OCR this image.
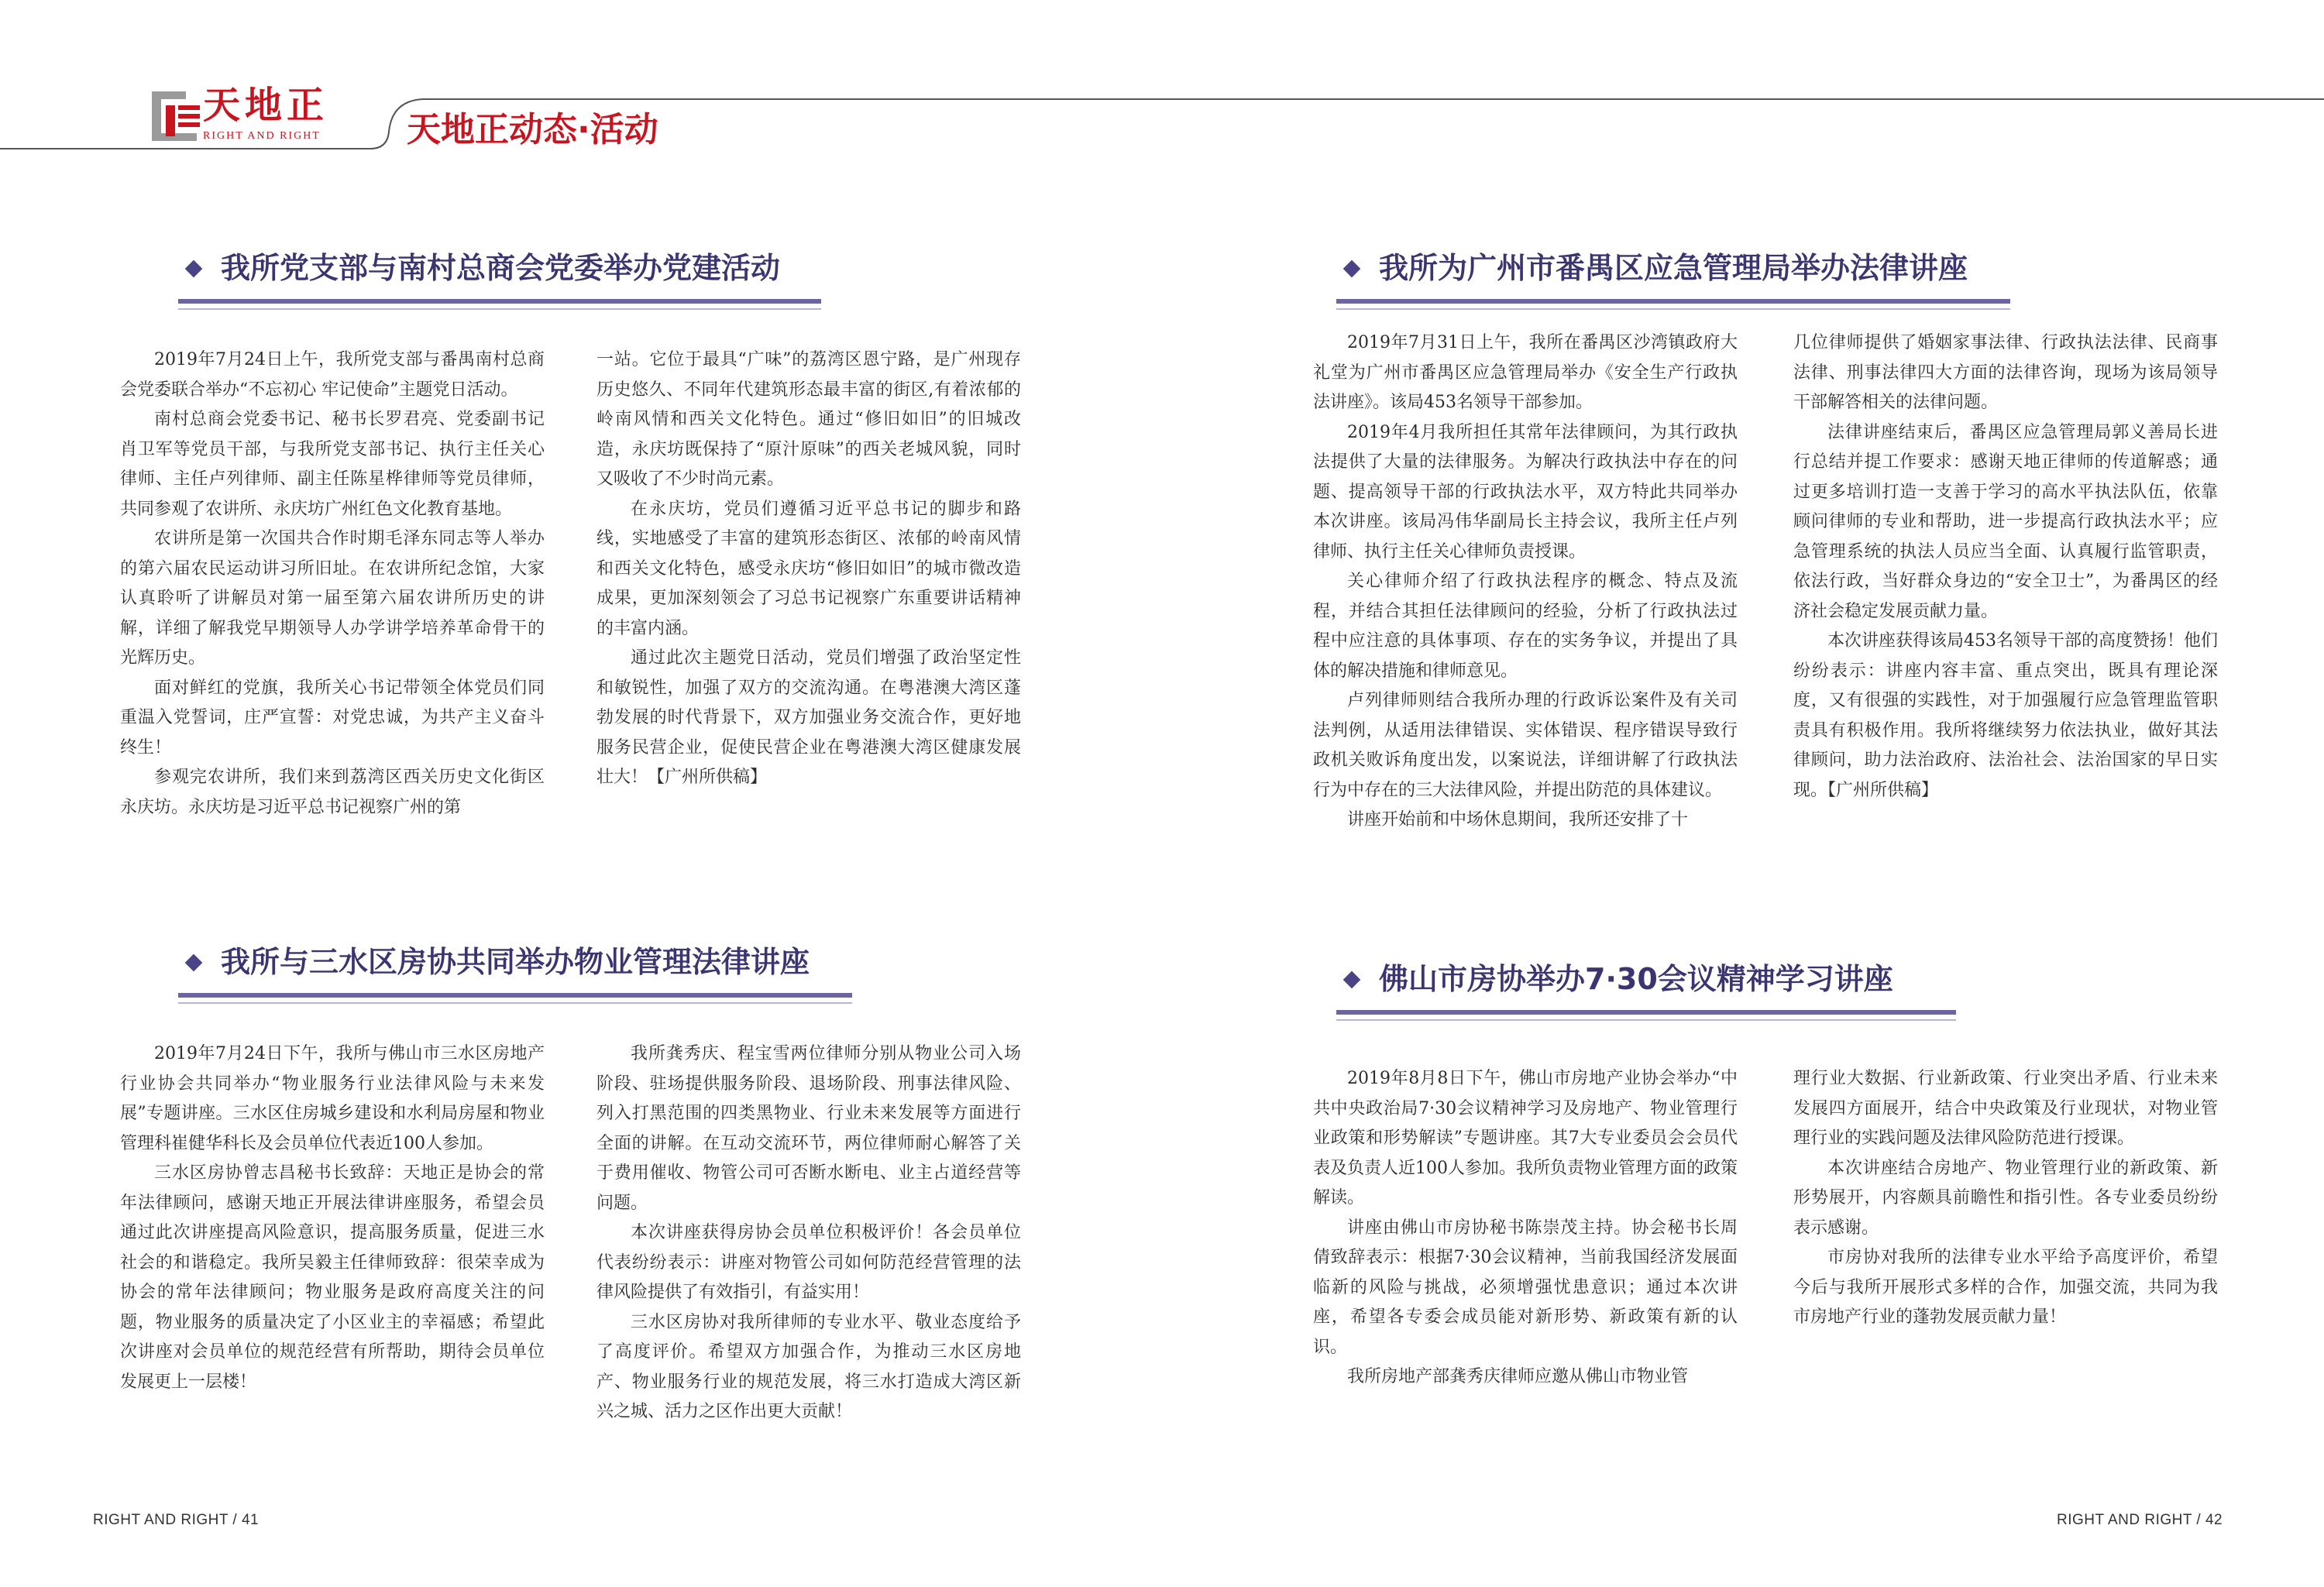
天地正
RIGHT AND RIGHT	天地正动态·活动
我所党支部与南村总商会党委举办党建活动

2019年7月24日上午，我所党支部与番禺南村总商会党委联合举办“不忘初心 牢记使命”主题党日活动。

南村总商会党委书记、秘书长罗君亮、党委副书记肖卫军等党员干部，与我所党支部书记、执行主任关心律师、主任卢列律师、副主任陈星桦律师等党员律师，共同参观了农讲所、永庆坊广州红色文化教育基地。

农讲所是第一次国共合作时期毛泽东同志等人举办的第六届农民运动讲习所旧址。在农讲所纪念馆，大家认真聆听了讲解员对第一届至第六届农讲所历史的讲解，详细了解我党早期领导人办学讲学培养革命骨干的光辉历史。

面对鲜红的党旗，我所关心书记带领全体党员们同重温入党誓词，庄严宣誓：对党忠诚，为共产主义奋斗终生！

参观完农讲所，我们来到荔湾区西关历史文化街区永庆坊。永庆坊是习近平总书记视察广州的第

一站。它位于最具“广味”的荔湾区恩宁路，是广州现存历史悠久、不同年代建筑形态最丰富的街区,有着浓郁的岭南风情和西关文化特色。通过“修旧如旧”的旧城改造，永庆坊既保持了“原汁原味”的西关老城风貌，同时又吸收了不少时尚元素。

在永庆坊，党员们遵循习近平总书记的脚步和路线，实地感受了丰富的建筑形态街区、浓郁的岭南风情和西关文化特色，感受永庆坊“修旧如旧”的城市微改造成果，更加深刻领会了习总书记视察广东重要讲话精神的丰富内涵。

通过此次主题党日活动，党员们增强了政治坚定性和敏锐性，加强了双方的交流沟通。在粤港澳大湾区蓬勃发展的时代背景下，双方加强业务交流合作，更好地服务民营企业，促使民营企业在粤港澳大湾区健康发展壮大！【广州所供稿】

我所与三水区房协共同举办物业管理法律讲座

2019年7月24日下午，我所与佛山市三水区房地产行业协会共同举办“物业服务行业法律风险与未来发展”专题讲座。三水区住房城乡建设和水利局房屋和物业管理科崔健华科长及会员单位代表近100人参加。

三水区房协曾志昌秘书长致辞：天地正是协会的常年法律顾问，感谢天地正开展法律讲座服务，希望会员通过此次讲座提高风险意识，提高服务质量，促进三水社会的和谐稳定。我所吴毅主任律师致辞：很荣幸成为协会的常年法律顾问；物业服务是政府高度关注的问题，物业服务的质量决定了小区业主的幸福感；希望此次讲座对会员单位的规范经营有所帮助，期待会员单位发展更上一层楼！

我所龚秀庆、程宝雪两位律师分别从物业公司入场阶段、驻场提供服务阶段、退场阶段、刑事法律风险、列入打黑范围的四类黑物业、行业未来发展等方面进行全面的讲解。在互动交流环节，两位律师耐心解答了关于费用催收、物管公司可否断水断电、业主占道经营等问题。

本次讲座获得房协会员单位积极评价！各会员单位代表纷纷表示：讲座对物管公司如何防范经营管理的法律风险提供了有效指引，有益实用！

三水区房协对我所律师的专业水平、敬业态度给予了高度评价。希望双方加强合作，为推动三水区房地产、物业服务行业的规范发展，将三水打造成大湾区新兴之城、活力之区作出更大贡献！

我所为广州市番禺区应急管理局举办法律讲座

2019年7月31日上午，我所在番禺区沙湾镇政府大礼堂为广州市番禺区应急管理局举办《安全生产行政执法讲座》。该局453名领导干部参加。

2019年4月我所担任其常年法律顾问，为其行政执法提供了大量的法律服务。为解决行政执法中存在的问题、提高领导干部的行政执法水平，双方特此共同举办本次讲座。该局冯伟华副局长主持会议，我所主任卢列律师、执行主任关心律师负责授课。

关心律师介绍了行政执法程序的概念、特点及流程，并结合其担任法律顾问的经验，分析了行政执法过程中应注意的具体事项、存在的实务争议，并提出了具体的解决措施和律师意见。

卢列律师则结合我所办理的行政诉讼案件及有关司法判例，从适用法律错误、实体错误、程序错误导致行政机关败诉角度出发，以案说法，详细讲解了行政执法行为中存在的三大法律风险，并提出防范的具体建议。

讲座开始前和中场休息期间，我所还安排了十

几位律师提供了婚姻家事法律、行政执法法律、民商事法律、刑事法律四大方面的法律咨询，现场为该局领导干部解答相关的法律问题。

法律讲座结束后，番禺区应急管理局郭义善局长进行总结并提工作要求：感谢天地正律师的传道解惑；通过更多培训打造一支善于学习的高水平执法队伍，依靠顾问律师的专业和帮助，进一步提高行政执法水平；应急管理系统的执法人员应当全面、认真履行监管职责，依法行政，当好群众身边的“安全卫士”，为番禺区的经济社会稳定发展贡献力量。

本次讲座获得该局453名领导干部的高度赞扬！他们纷纷表示：讲座内容丰富、重点突出，既具有理论深度，又有很强的实践性，对于加强履行应急管理监管职责具有积极作用。我所将继续努力依法执业，做好其法律顾问，助力法治政府、法治社会、法治国家的早日实现。【广州所供稿】

佛山市房协举办7·30会议精神学习讲座

2019年8月8日下午，佛山市房地产业协会举办“中共中央政治局7·30会议精神学习及房地产、物业管理行业政策和形势解读”专题讲座。其7大专业委员会会员代表及负责人近100人参加。我所负责物业管理方面的政策解读。

讲座由佛山市房协秘书陈崇茂主持。协会秘书长周倩致辞表示：根据7·30会议精神，当前我国经济发展面临新的风险与挑战，必须增强忧患意识；通过本次讲座，希望各专委会成员能对新形势、新政策有新的认识。

我所房地产部龚秀庆律师应邀从佛山市物业管

理行业大数据、行业新政策、行业突出矛盾、行业未来发展四方面展开，结合中央政策及行业现状，对物业管理行业的实践问题及法律风险防范进行授课。

本次讲座结合房地产、物业管理行业的新政策、新形势展开，内容颇具前瞻性和指引性。各专业委员纷纷表示感谢。

市房协对我所的法律专业水平给予高度评价，希望今后与我所开展形式多样的合作，加强交流，共同为我市房地产行业的蓬勃发展贡献力量！

RIGHT AND RIGHT / 41	RIGHT AND RIGHT / 42
